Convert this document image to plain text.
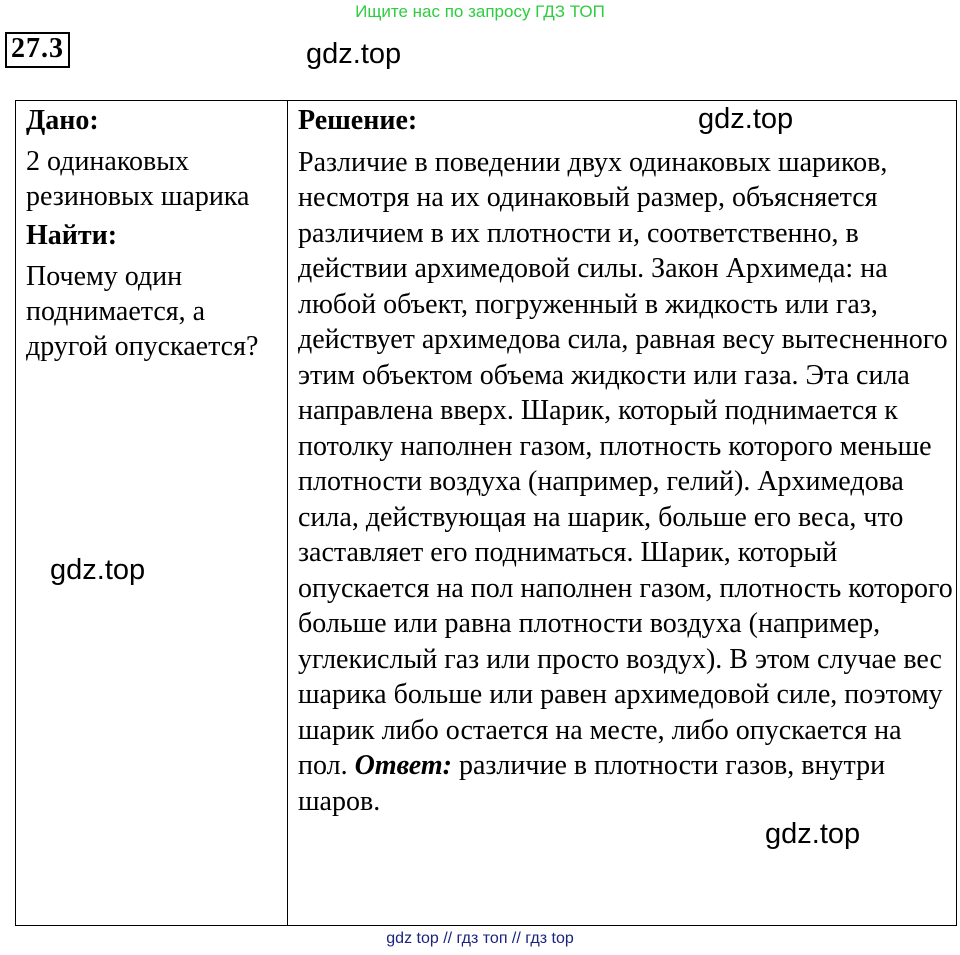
Ищите нас по запросу ГДЗ ТОП
27.3	gdz.top
Дано:
2 одинаковых резиновых шарика
Найти:
Почему один поднимается, а другой опускается?
Решение:
Различие в поведении двух одинаковых шариков, несмотря на их одинаковый размер, объясняется различием в их плотности и, соответственно, в действии архимедовой силы. Закон Архимеда: на любой объект, погруженный в жидкость или газ, действует архимедова сила, равная весу вытесненного этим объектом объема жидкости или газа. Эта сила направлена вверх. Шарик, который поднимается к потолку наполнен газом, плотность которого меньше плотности воздуха (например, гелий). Архимедова сила, действующая на шарик, больше его веса, что заставляет его подниматься. Шарик, который опускается на пол наполнен газом, плотность которого больше или равна плотности воздуха (например, углекислый газ или просто воздух). В этом случае вес шарика больше или равен архимедовой силе, поэтому шарик либо остается на месте, либо опускается на пол. Ответ: различие в плотности газов, внутри шаров.
gdz.top
gdz.top
gdz.top
gdz top // гдз топ // гдз top
